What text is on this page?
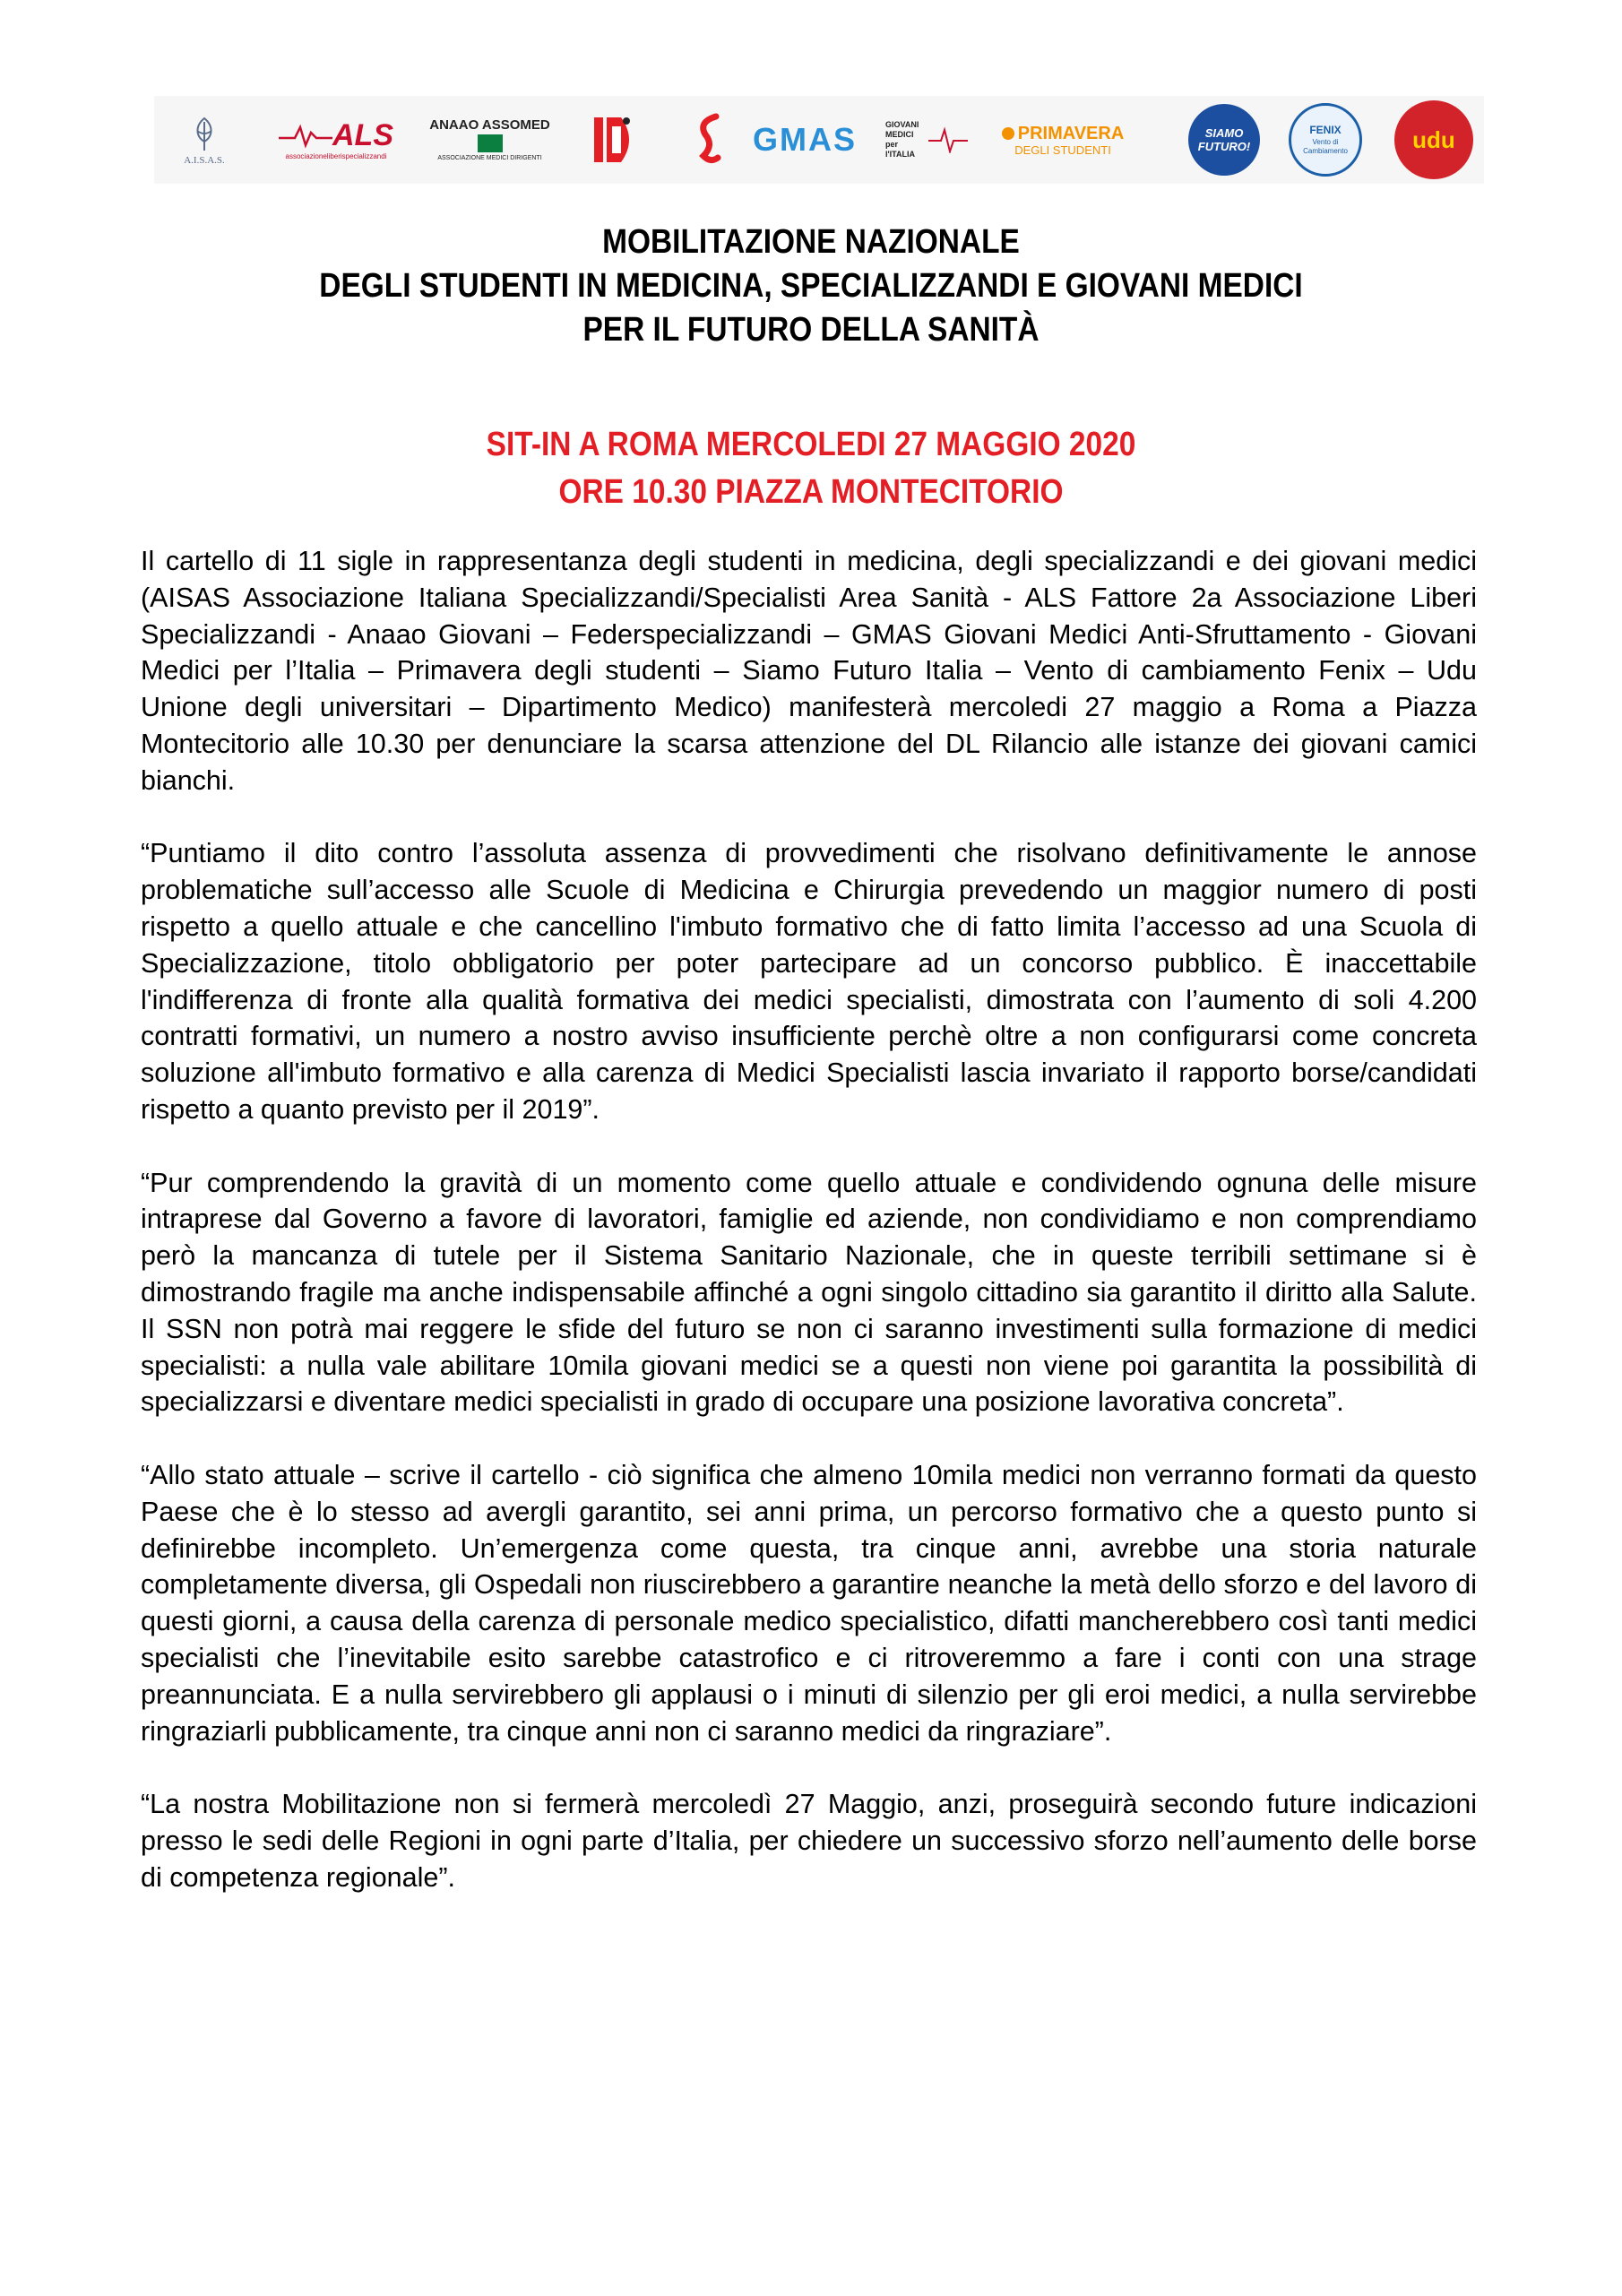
A.I.S.A.S.
ALS
associazioneliberispecializzandi
ANAAO ASSOMED
ASSOCIAZIONE MEDICI DIRIGENTI
GMAS	GIOVANI MEDICI per l'ITALIA
PRIMAVERA
DEGLI STUDENTI
SIAMO FUTURO!
FENIX
Vento di Cambiamento	udu
MOBILITAZIONE NAZIONALE
DEGLI STUDENTI IN MEDICINA, SPECIALIZZANDI E GIOVANI MEDICI
PER IL FUTURO DELLA SANITÀ
SIT-IN A ROMA MERCOLEDI 27 MAGGIO 2020
ORE 10.30 PIAZZA MONTECITORIO

Il cartello di 11 sigle in rappresentanza degli studenti in medicina, degli specializzandi e dei giovani medici (AISAS Associazione Italiana Specializzandi/Specialisti Area Sanità - ALS Fattore 2a Associazione Liberi Specializzandi - Anaao Giovani – Federspecializzandi – GMAS Giovani Medici Anti-Sfruttamento - Giovani Medici per l’Italia – Primavera degli studenti – Siamo Futuro Italia – Vento di cambiamento Fenix – Udu Unione degli universitari – Dipartimento Medico) manifesterà mercoledi 27 maggio a Roma a Piazza Montecitorio alle 10.30 per denunciare la scarsa attenzione del DL Rilancio alle istanze dei giovani camici bianchi.

“Puntiamo il dito contro l’assoluta assenza di provvedimenti che risolvano definitivamente le annose problematiche sull’accesso alle Scuole di Medicina e Chirurgia prevedendo un maggior numero di posti rispetto a quello attuale e che cancellino l'imbuto formativo che di fatto limita l’accesso ad una Scuola di Specializzazione, titolo obbligatorio per poter partecipare ad un concorso pubblico. È inaccettabile l'indifferenza di fronte alla qualità formativa dei medici specialisti, dimostrata con l’aumento di soli 4.200 contratti formativi, un numero a nostro avviso insufficiente perchè oltre a non configurarsi come concreta soluzione all'imbuto formativo e alla carenza di Medici Specialisti lascia invariato il rapporto borse/candidati rispetto a quanto previsto per il 2019”.

“Pur comprendendo la gravità di un momento come quello attuale e condividendo ognuna delle misure intraprese dal Governo a favore di lavoratori, famiglie ed aziende, non condividiamo e non comprendiamo però la mancanza di tutele per il Sistema Sanitario Nazionale, che in queste terribili settimane si è dimostrando fragile ma anche indispensabile affinché a ogni singolo cittadino sia garantito il diritto alla Salute. Il SSN non potrà mai reggere le sfide del futuro se non ci saranno investimenti sulla formazione di medici specialisti: a nulla vale abilitare 10mila giovani medici se a questi non viene poi garantita la possibilità di specializzarsi e diventare medici specialisti in grado di occupare una posizione lavorativa concreta”.

“Allo stato attuale – scrive il cartello - ciò significa che almeno 10mila medici non verranno formati da questo Paese che è lo stesso ad avergli garantito, sei anni prima, un percorso formativo che a questo punto si definirebbe incompleto. Un’emergenza come questa, tra cinque anni, avrebbe una storia naturale completamente diversa, gli Ospedali non riuscirebbero a garantire neanche la metà dello sforzo e del lavoro di questi giorni, a causa della carenza di personale medico specialistico, difatti mancherebbero così tanti medici specialisti che l’inevitabile esito sarebbe catastrofico e ci ritroveremmo a fare i conti con una strage preannunciata. E a nulla servirebbero gli applausi o i minuti di silenzio per gli eroi medici, a nulla servirebbe ringraziarli pubblicamente, tra cinque anni non ci saranno medici da ringraziare”.

“La nostra Mobilitazione non si fermerà mercoledì 27 Maggio, anzi, proseguirà secondo future indicazioni presso le sedi delle Regioni in ogni parte d’Italia, per chiedere un successivo sforzo nell’aumento delle borse di competenza regionale”.
